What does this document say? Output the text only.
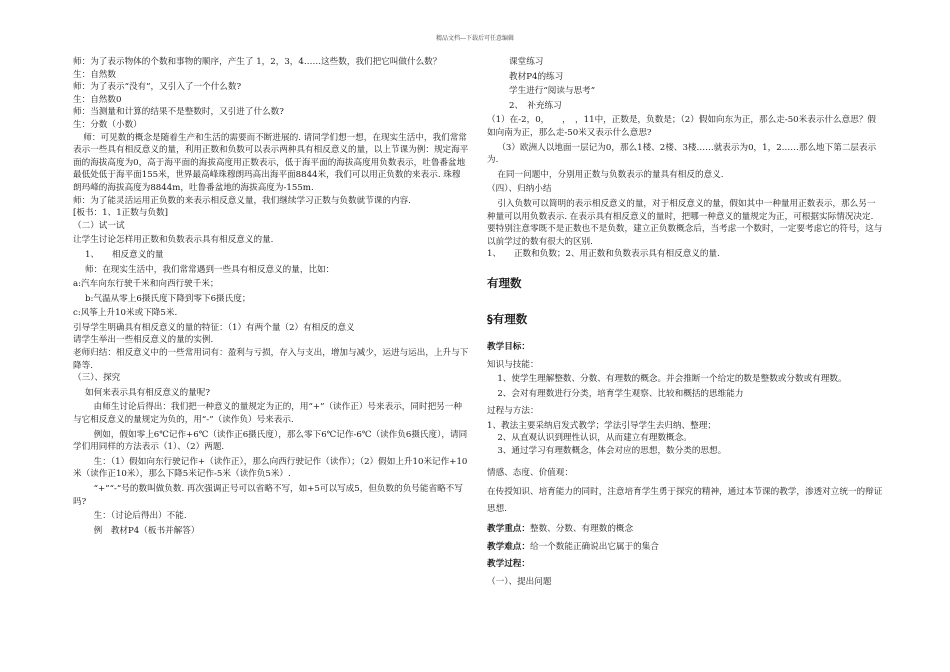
精品文档---下载后可任意编辑

师：为了表示物体的个数和事物的顺序，产生了 1，2，3，4……这些数，我们把它叫做什么数？

生：自然数

师：为了表示“没有”，又引入了一个什么数?

生：自然数0

师：当测量和计算的结果不是整数时，又引进了什么数?

生：分数（小数）

师：可见数的概念是随着生产和生活的需要而不断进展的. 请同学们想一想，在现实生活中，我们常常表示一些具有相反意义的量，利用正数和负数可以表示两种具有相反意义的量，以上节课为例：规定海平面的海拔高度为0，高于海平面的海拔高度用正数表示，低于海平面的海拔高度用负数表示，吐鲁番盆地最低处低于海平面155米，世界最高峰珠穆朗玛高出海平面8844米，我们可以用正负数的来表示. 珠穆朗玛峰的海拔高度为8844m，吐鲁番盆地的海拔高度为-155m.

师：为了能灵活运用正负数的来表示相反意义量，我们继续学习正数与负数就节课的内容.

[板书：1、1正数与负数]

（二）试一试

让学生讨论怎样用正数和负数表示具有相反意义的量.

1、　　相反意义的量

师：在现实生活中，我们常常遇到一些具有相反意义的量，比如：

a:汽车向东行驶千米和向西行驶千米；

b:气温从零上6摄氏度下降到零下6摄氏度；

c:风筝上升10米或下降5米.

引导学生明确具有相反意义的量的特征：（1）有两个量（2）有相反的意义

请学生举出一些相反意义的量的实例.

老师归结：相反意义中的一些常用词有：盈利与亏损，存入与支出，增加与减少，运进与运出，上升与下降等.

（三）、探究

如何来表示具有相反意义的量呢?

由师生讨论后得出：我们把一种意义的量规定为正的，用“+”（读作正）号来表示，同时把另一种与它相反意义的量规定为负的，用“-”（读作负）号来表示.

例如，假如零上6℃记作+6℃（读作正6摄氏度），那么零下6℃记作-6℃（读作负6摄氏度），请同学们用同样的方法表示（1）、（2）两题.

生：（1）假如向东行驶记作+（读作正），那么向西行驶记作（读作）；（2）假如上升10米记作+10米（读作正10米），那么下降5米记作-5米（读作负5米）.

“+”“-”号的数叫做负数. 再次强调正号可以省略不写，如+5可以写成5，但负数的负号能省略不写吗?

生：（讨论后得出）不能.

例　教材P4（板书并解答）

课堂练习

教材P4的练习

学生进行“阅读与思考”

2、　补充练习

（1）在-2，0，　　，　，11中，正数是，负数是；（2）假如向东为正，那么走-50米表示什么意思？假如向南为正，那么走-50米又表示什么意思?

（3）欧洲人以地面一层记为0，那么1楼、2楼、3楼……就表示为0，1，2……那么地下第二层表示为.

在同一问题中，分别用正数与负数表示的量具有相反的意义.

（四）、归纳小结

引入负数可以简明的表示相反意义的量，对于相反意义的量，假如其中一种量用正数表示，那么另一种量可以用负数表示. 在表示具有相反意义的量时，把哪一种意义的量规定为正，可根据实际情况决定. 要特别注意零既不是正数也不是负数，建立正负数概念后，当考虑一个数时，一定要考虑它的符号，这与以前学过的数有很大的区别.

1、　　正数和负数；2、用正数和负数表示具有相反意义的量.

有理数

§有理数

教学目标：

知识与技能：

1、使学生理解整数、分数、有理数的概念。并会推断一个给定的数是整数或分数或有理数。

2、会对有理数进行分类，培育学生观察、比较和概括的思维能力

过程与方法：

1、教法主要采纳启发式教学；学法引导学生去归纳、整理；

2、从直观认识到理性认识，从而建立有理数概念。

3、通过学习有理数概念，体会对应的思想，数分类的思想。

情感、态度、价值观：

在传授知识、培育能力的同时，注意培育学生勇于探究的精神，通过本节课的教学，渗透对立统一的辩证思想.

教学重点：整数、分数、有理数的概念

教学难点：给一个数能正确说出它属于的集合

教学过程：

（一）、提出问题
